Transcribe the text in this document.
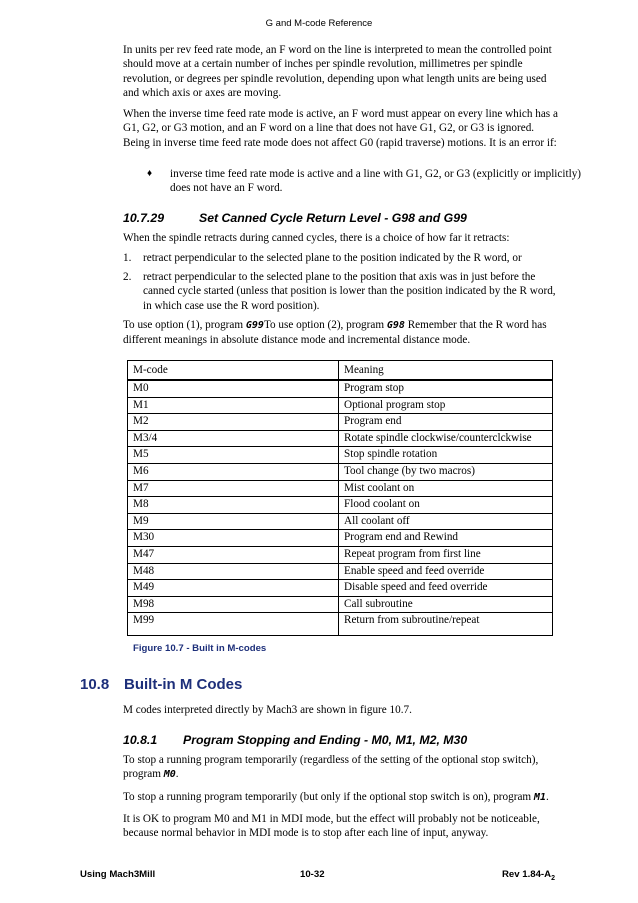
G and M-code Reference

In units per rev feed rate mode, an F word on the line is interpreted to mean the controlled point should move at a certain number of inches per spindle revolution, millimetres per spindle revolution, or degrees per spindle revolution, depending upon what length units are being used and which axis or axes are moving.

When the inverse time feed rate mode is active, an F word must appear on every line which has a G1, G2, or G3 motion, and an F word on a line that does not have G1, G2, or G3 is ignored. Being in inverse time feed rate mode does not affect G0 (rapid traverse) motions. It is an error if:

♦ inverse time feed rate mode is active and a line with G1, G2, or G3 (explicitly or implicitly) does not have an F word.
10.7.29	Set Canned Cycle Return Level - G98 and G99
When the spindle retracts during canned cycles, there is a choice of how far it retracts:
1. retract perpendicular to the selected plane to the position indicated by the R word, or
2. retract perpendicular to the selected plane to the position that axis was in just before the canned cycle started (unless that position is lower than the position indicated by the R word, in which case use the R word position).
To use option (1), program G99To use option (2), program G98 Remember that the R word has different meanings in absolute distance mode and incremental distance mode.
M-code	Meaning
M0	Program stop
M1	Optional program stop
M2	Program end
M3/4	Rotate spindle clockwise/counterclckwise
M5	Stop spindle rotation
M6	Tool change (by two macros)
M7	Mist coolant on
M8	Flood coolant on
M9	All coolant off
M30	Program end and Rewind
M47	Repeat program from first line
M48	Enable speed and feed override
M49	Disable speed and feed override
M98	Call subroutine
M99	Return from subroutine/repeat
Figure 10.7 - Built in M-codes
10.8 Built-in M Codes
M codes interpreted directly by Mach3 are shown in figure 10.7.
10.8.1 Program Stopping and Ending - M0, M1, M2, M30

To stop a running program temporarily (regardless of the setting of the optional stop switch), program M0.

To stop a running program temporarily (but only if the optional stop switch is on), program M1.

It is OK to program M0 and M1 in MDI mode, but the effect will probably not be noticeable, because normal behavior in MDI mode is to stop after each line of input, anyway.

Using Mach3Mill	10-32	Rev $1.84-A_2$
